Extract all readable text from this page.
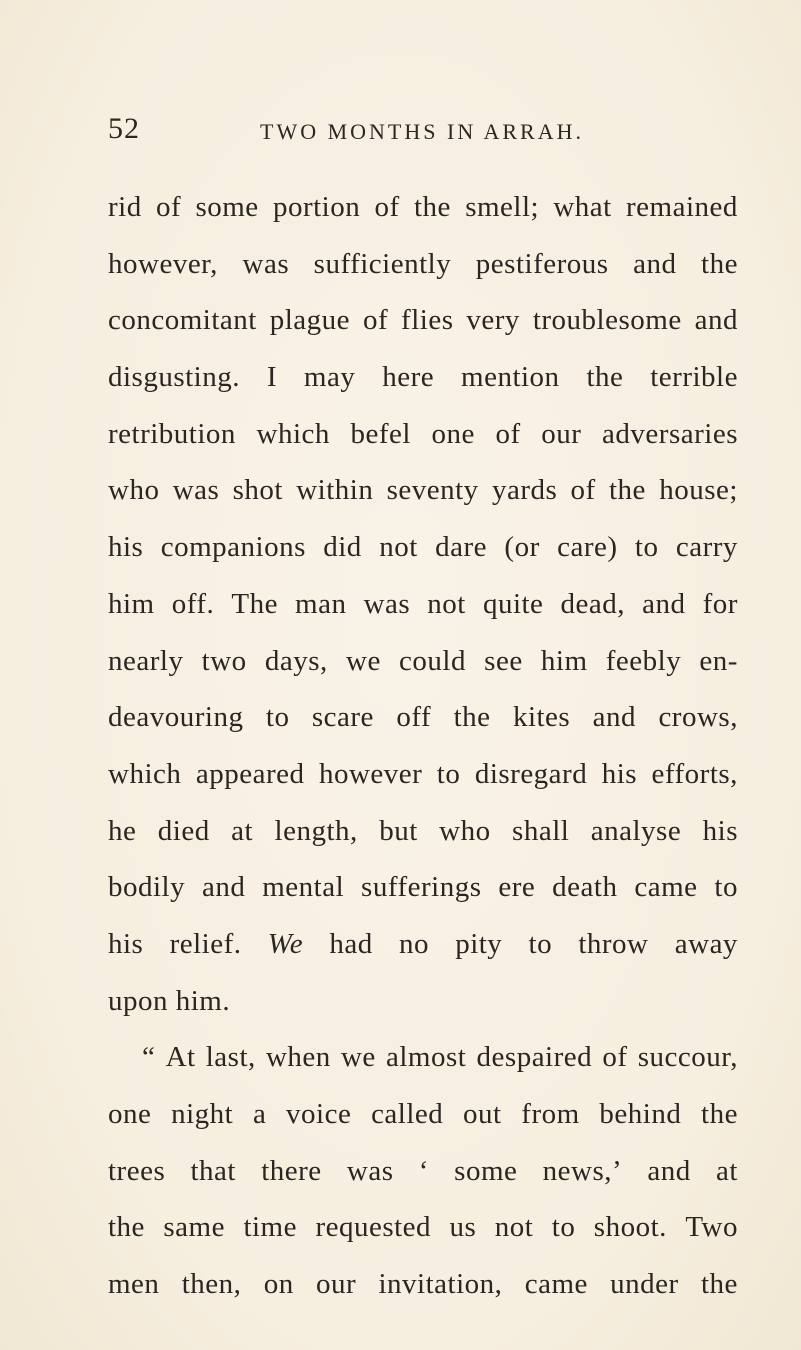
52	TWO MONTHS IN ARRAH.
rid of some portion of the smell; what remained
however, was sufficiently pestiferous and the
concomitant plague of flies very troublesome and
disgusting. I may here mention the terrible
retribution which befel one of our adversaries
who was shot within seventy yards of the house;
his companions did not dare (or care) to carry
him off. The man was not quite dead, and for
nearly two days, we could see him feebly en-
deavouring to scare off the kites and crows,
which appeared however to disregard his efforts,
he died at length, but who shall analyse his
bodily and mental sufferings ere death came to
his relief. We had no pity to throw away
upon him.
“ At last, when we almost despaired of succour,
one night a voice called out from behind the
trees that there was ‘ some news,’ and at
the same time requested us not to shoot. Two
men then, on our invitation, came under the
